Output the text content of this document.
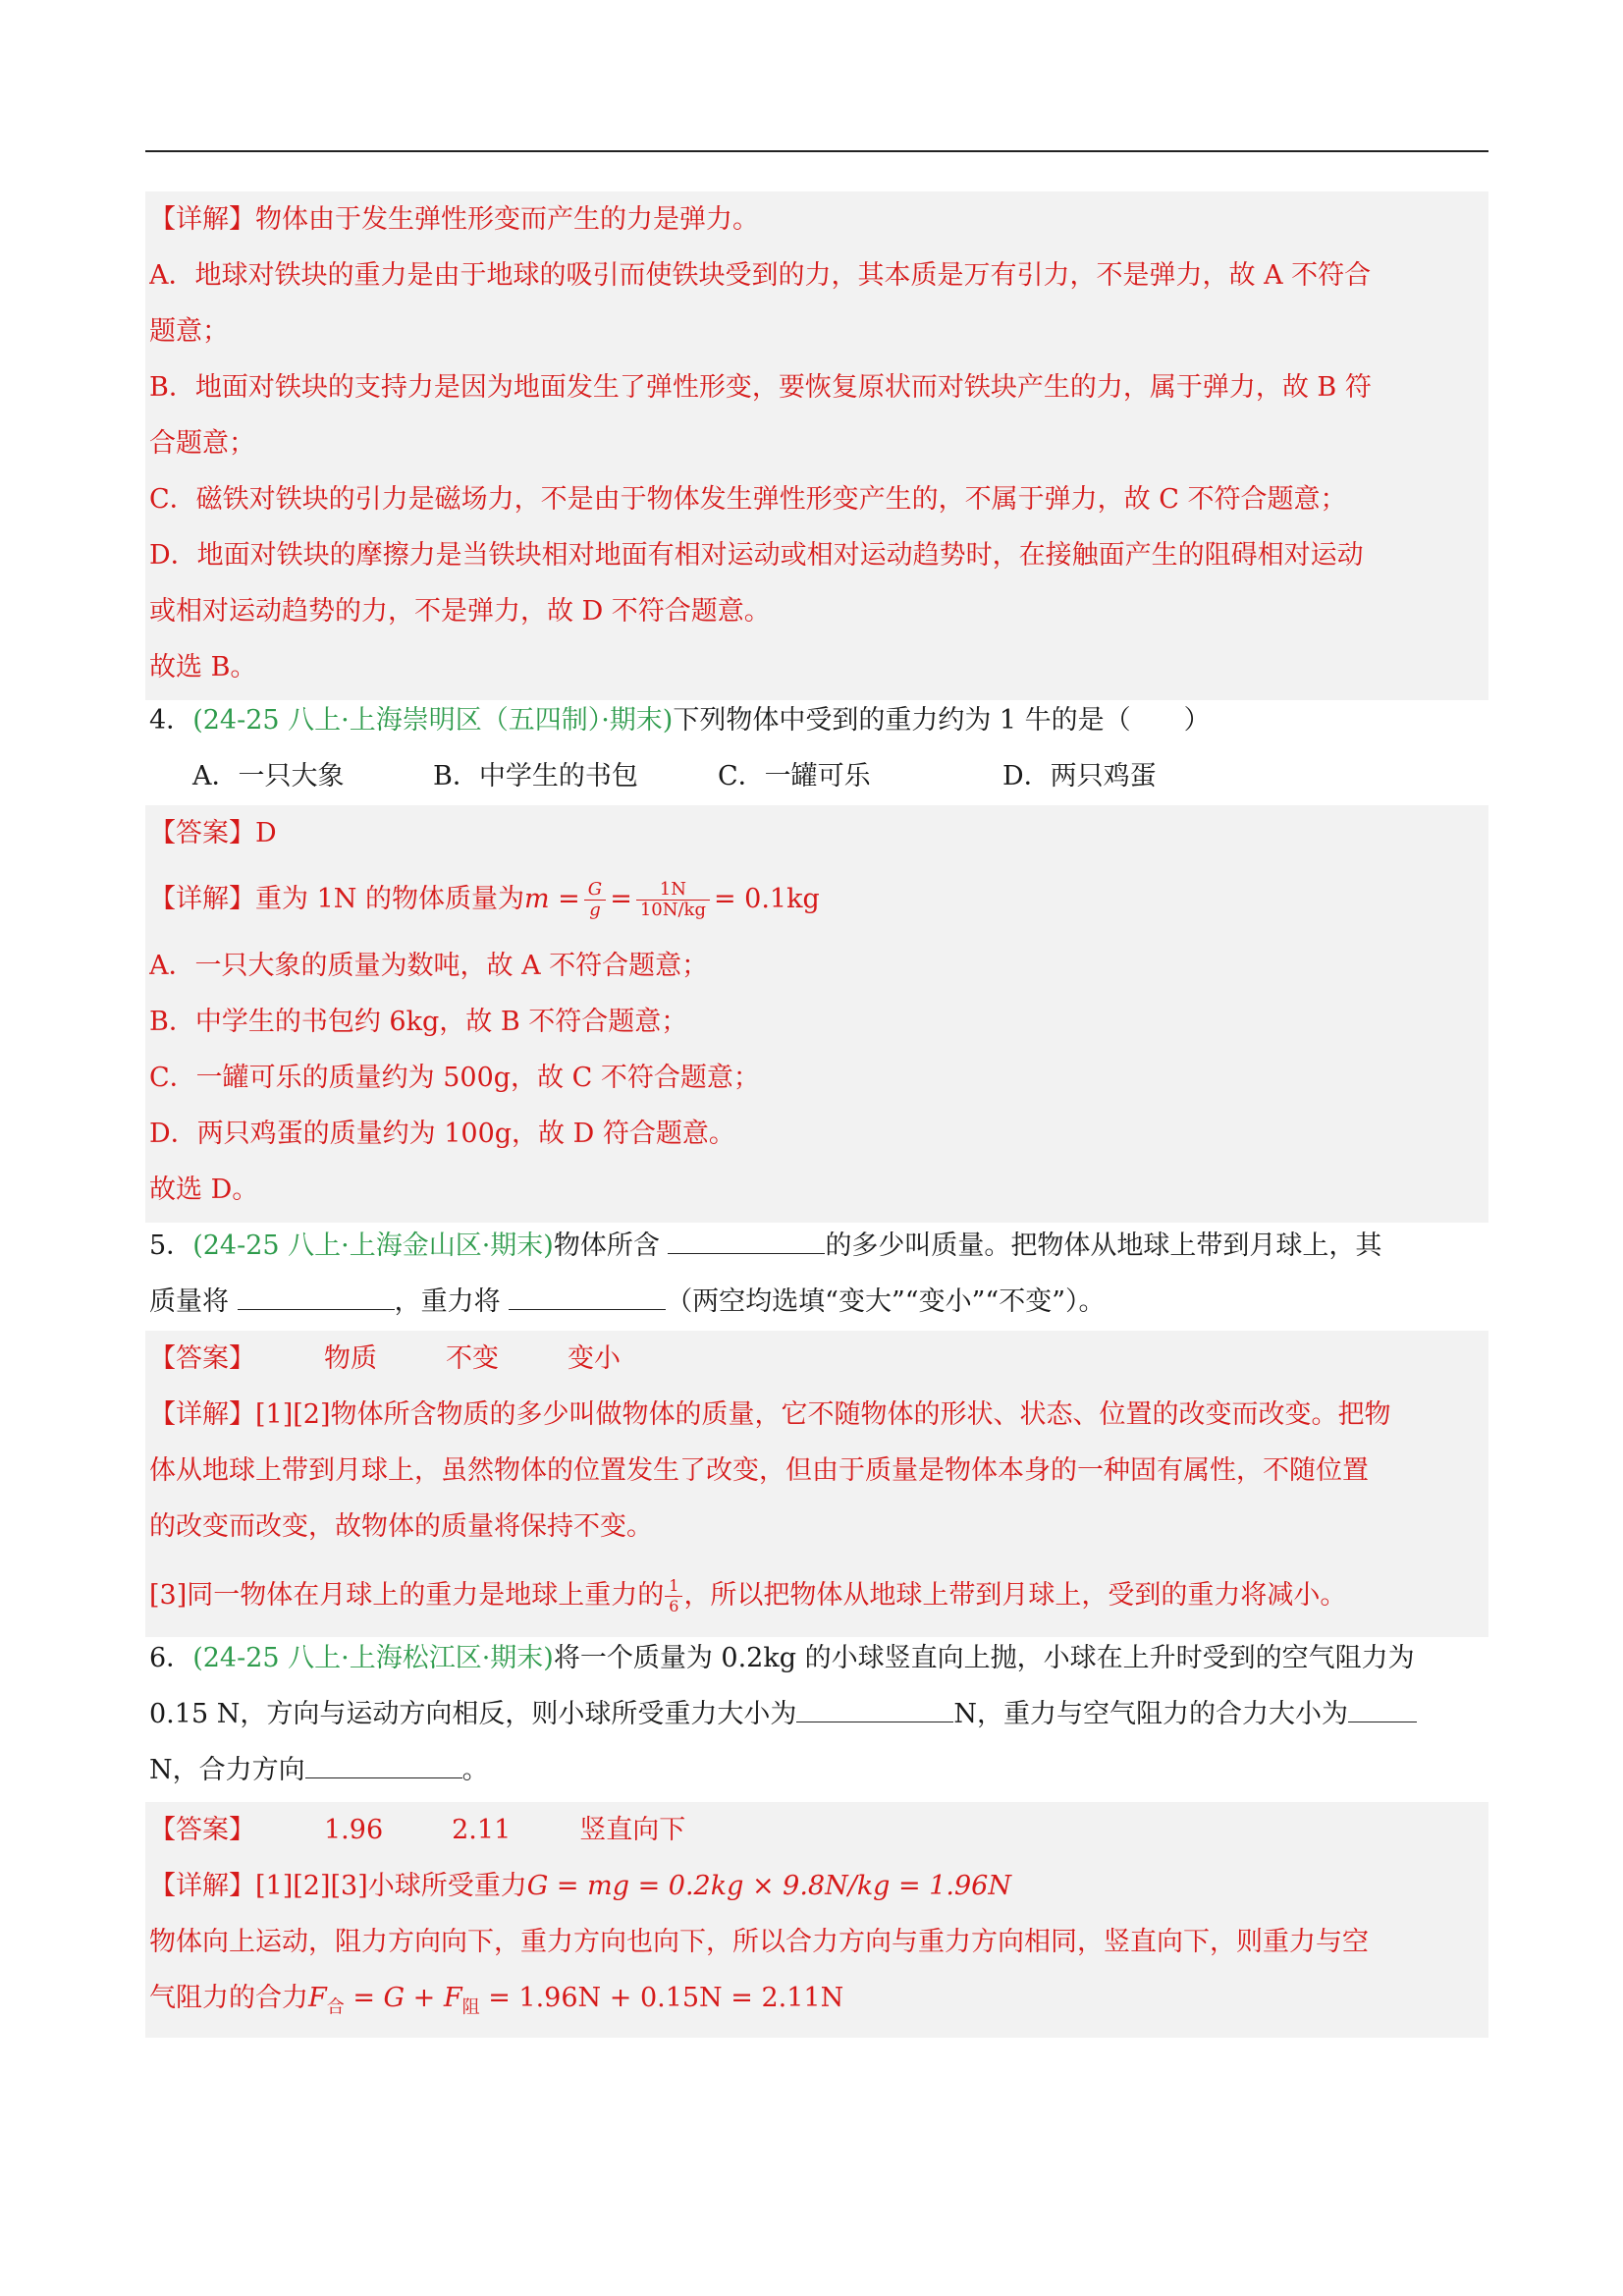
【详解】物体由于发生弹性形变而产生的力是弹力。
A．地球对铁块的重力是由于地球的吸引而使铁块受到的力，其本质是万有引力，不是弹力，故 A 不符合
题意；
B．地面对铁块的支持力是因为地面发生了弹性形变，要恢复原状而对铁块产生的力，属于弹力，故 B 符
合题意；
C．磁铁对铁块的引力是磁场力，不是由于物体发生弹性形变产生的，不属于弹力，故 C 不符合题意；
D．地面对铁块的摩擦力是当铁块相对地面有相对运动或相对运动趋势时，在接触面产生的阻碍相对运动
或相对运动趋势的力，不是弹力，故 D 不符合题意。
故选 B。
4．(24-25 八上·上海崇明区（五四制）·期末)下列物体中受到的重力约为 1 牛的是（　　）
A．一只大象	B．中学生的书包	C．一罐可乐	D．两只鸡蛋
【答案】D
【详解】重为 1N 的物体质量为$m = \frac{G}{g} = \frac{1N}{10N/kg} = 0.1kg$
A．一只大象的质量为数吨，故 A 不符合题意；
B．中学生的书包约 6kg，故 B 不符合题意；
C．一罐可乐的质量约为 500g，故 C 不符合题意；
D．两只鸡蛋的质量约为 100g，故 D 符合题意。
故选 D。
5．(24-25 八上·上海金山区·期末)物体所含	的多少叫质量。把物体从地球上带到月球上，其
质量将	，重力将	（两空均选填“变大”“变小”“不变”）。
【答案】	物质	不变	变小
【详解】[1][2]物体所含物质的多少叫做物体的质量，它不随物体的形状、状态、位置的改变而改变。把物
体从地球上带到月球上，虽然物体的位置发生了改变，但由于质量是物体本身的一种固有属性，不随位置
的改变而改变，故物体的质量将保持不变。
[3]同一物体在月球上的重力是地球上重力的 $\frac{1}{6}$ ，所以把物体从地球上带到月球上，受到的重力将减小。
6．(24-25 八上·上海松江区·期末)将一个质量为 0.2kg 的小球竖直向上抛，小球在上升时受到的空气阻力为
0.15 N，方向与运动方向相反，则小球所受重力大小为	N，重力与空气阻力的合力大小为
N，合力方向	。
【答案】	1.96	2.11	竖直向下
【详解】[1][2][3]小球所受重力G = mg = 0.2kg × 9.8N/kg = 1.96N
物体向上运动，阻力方向向下，重力方向也向下，所以合力方向与重力方向相同，竖直向下，则重力与空
气阻力的合力$F_合 = G + F_阻 = 1.96N + 0.15N = 2.11N$
